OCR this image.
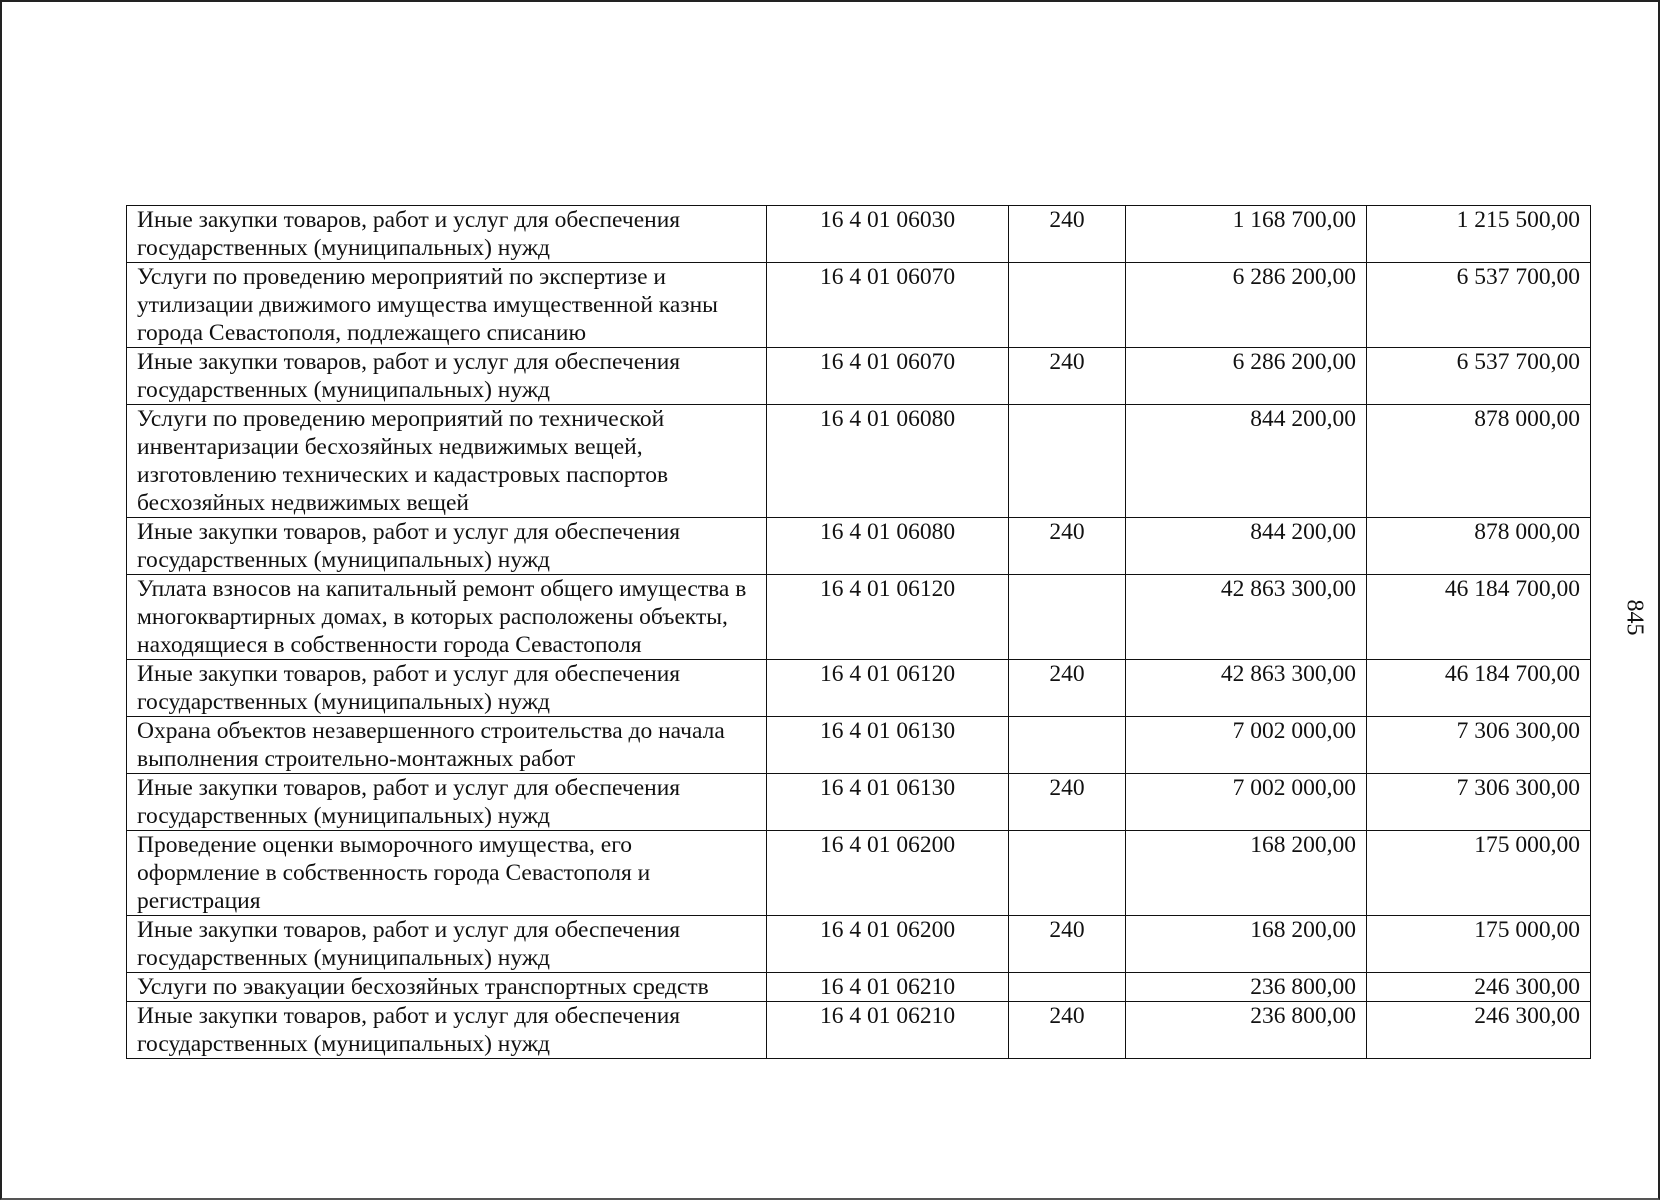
Иные закупки товаров, работ и услуг для обеспечения государственных (муниципальных) нужд	16 4 01 06030	240	1 168 700,00	1 215 500,00
Услуги по проведению мероприятий по экспертизе и утилизации движимого имущества имущественной казны города Севастополя, подлежащего списанию	16 4 01 06070		6 286 200,00	6 537 700,00
Иные закупки товаров, работ и услуг для обеспечения государственных (муниципальных) нужд	16 4 01 06070	240	6 286 200,00	6 537 700,00
Услуги по проведению мероприятий по технической инвентаризации бесхозяйных недвижимых вещей, изготовлению технических и кадастровых паспортов бесхозяйных недвижимых вещей	16 4 01 06080		844 200,00	878 000,00
Иные закупки товаров, работ и услуг для обеспечения государственных (муниципальных) нужд	16 4 01 06080	240	844 200,00	878 000,00
Уплата взносов на капитальный ремонт общего имущества в многоквартирных домах, в которых расположены объекты, находящиеся в собственности города Севастополя	16 4 01 06120		42 863 300,00	46 184 700,00
Иные закупки товаров, работ и услуг для обеспечения государственных (муниципальных) нужд	16 4 01 06120	240	42 863 300,00	46 184 700,00
Охрана объектов незавершенного строительства до начала выполнения строительно-монтажных работ	16 4 01 06130		7 002 000,00	7 306 300,00
Иные закупки товаров, работ и услуг для обеспечения государственных (муниципальных) нужд	16 4 01 06130	240	7 002 000,00	7 306 300,00
Проведение оценки выморочного имущества, его оформление в собственность города Севастополя и регистрация	16 4 01 06200		168 200,00	175 000,00
Иные закупки товаров, работ и услуг для обеспечения государственных (муниципальных) нужд	16 4 01 06200	240	168 200,00	175 000,00
Услуги по эвакуации бесхозяйных транспортных средств	16 4 01 06210		236 800,00	246 300,00
Иные закупки товаров, работ и услуг для обеспечения государственных (муниципальных) нужд	16 4 01 06210	240	236 800,00	246 300,00
845
